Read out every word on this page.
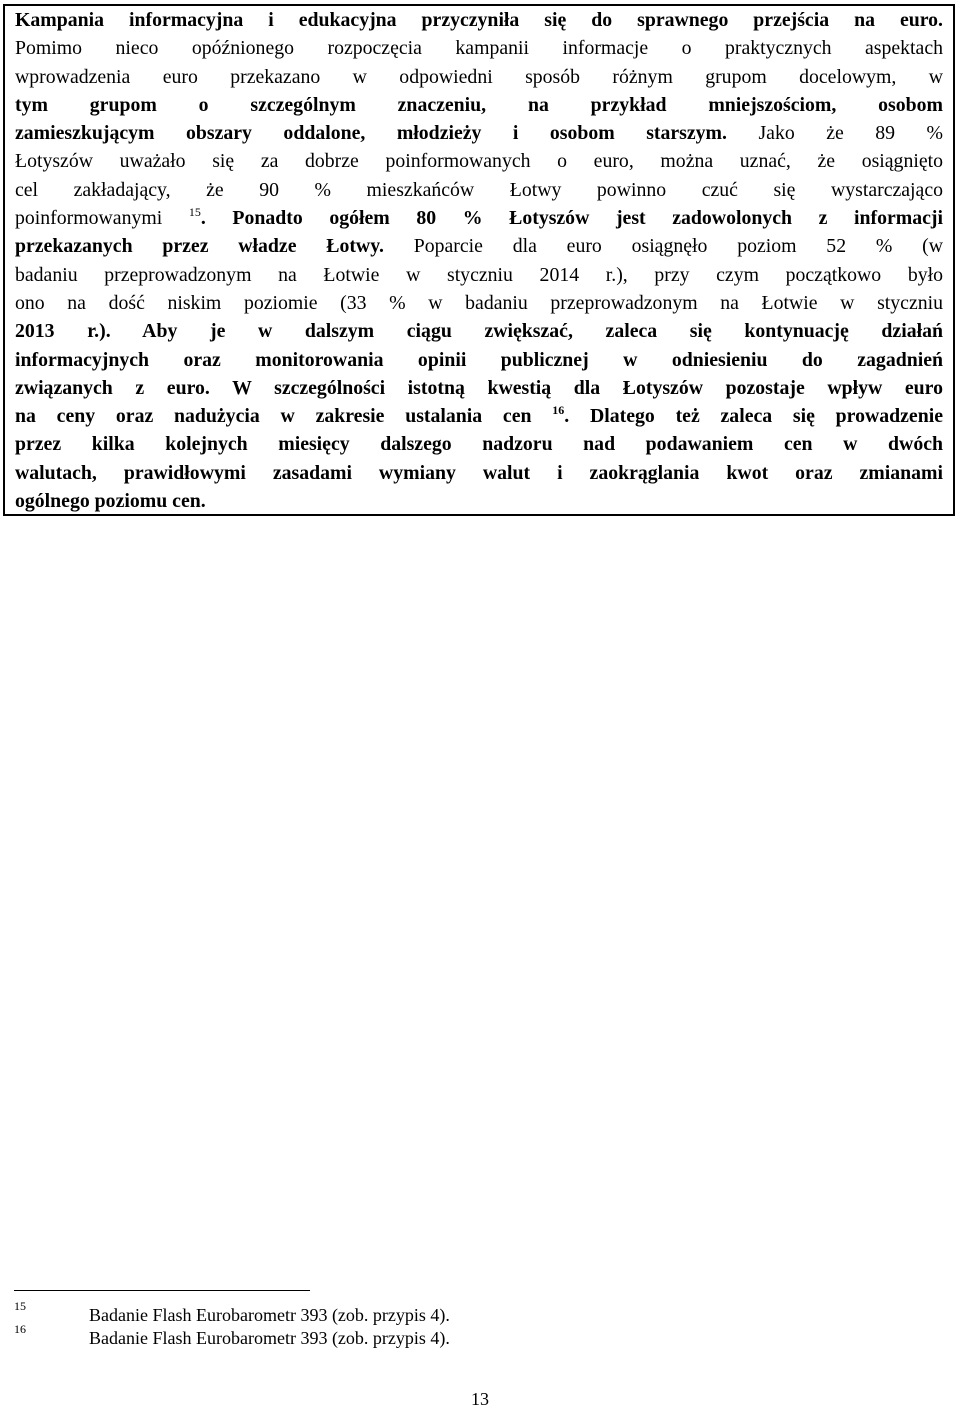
Kampania informacyjna i edukacyjna przyczyniła się do sprawnego przejścia na euro.
Pomimo nieco opóźnionego rozpoczęcia kampanii informacje o praktycznych aspektach
wprowadzenia euro przekazano w odpowiedni sposób różnym grupom docelowym, w
tym grupom o szczególnym znaczeniu, na przykład mniejszościom, osobom
zamieszkującym obszary oddalone, młodzieży i osobom starszym. Jako że 89 %
Łotyszów uważało się za dobrze poinformowanych o euro, można uznać, że osiągnięto
cel zakładający, że 90 % mieszkańców Łotwy powinno czuć się wystarczająco
poinformowanymi $^{15}$. Ponadto ogółem 80 % Łotyszów jest zadowolonych z informacji
przekazanych przez władze Łotwy. Poparcie dla euro osiągnęło poziom 52 % (w
badaniu przeprowadzonym na Łotwie w styczniu 2014 r.), przy czym początkowo było
ono na dość niskim poziomie (33 % w badaniu przeprowadzonym na Łotwie w styczniu
2013 r.). Aby je w dalszym ciągu zwiększać, zaleca się kontynuację działań
informacyjnych oraz monitorowania opinii publicznej w odniesieniu do zagadnień
związanych z euro. W szczególności istotną kwestią dla Łotyszów pozostaje wpływ euro
na ceny oraz nadużycia w zakresie ustalania cen $^{16}$. Dlatego też zaleca się prowadzenie
przez kilka kolejnych miesięcy dalszego nadzoru nad podawaniem cen w dwóch
walutach, prawidłowymi zasadami wymiany walut i zaokrąglania kwot oraz zmianami
ogólnego poziomu cen.
15	Badanie Flash Eurobarometr 393 (zob. przypis 4).
16	Badanie Flash Eurobarometr 393 (zob. przypis 4).
13
